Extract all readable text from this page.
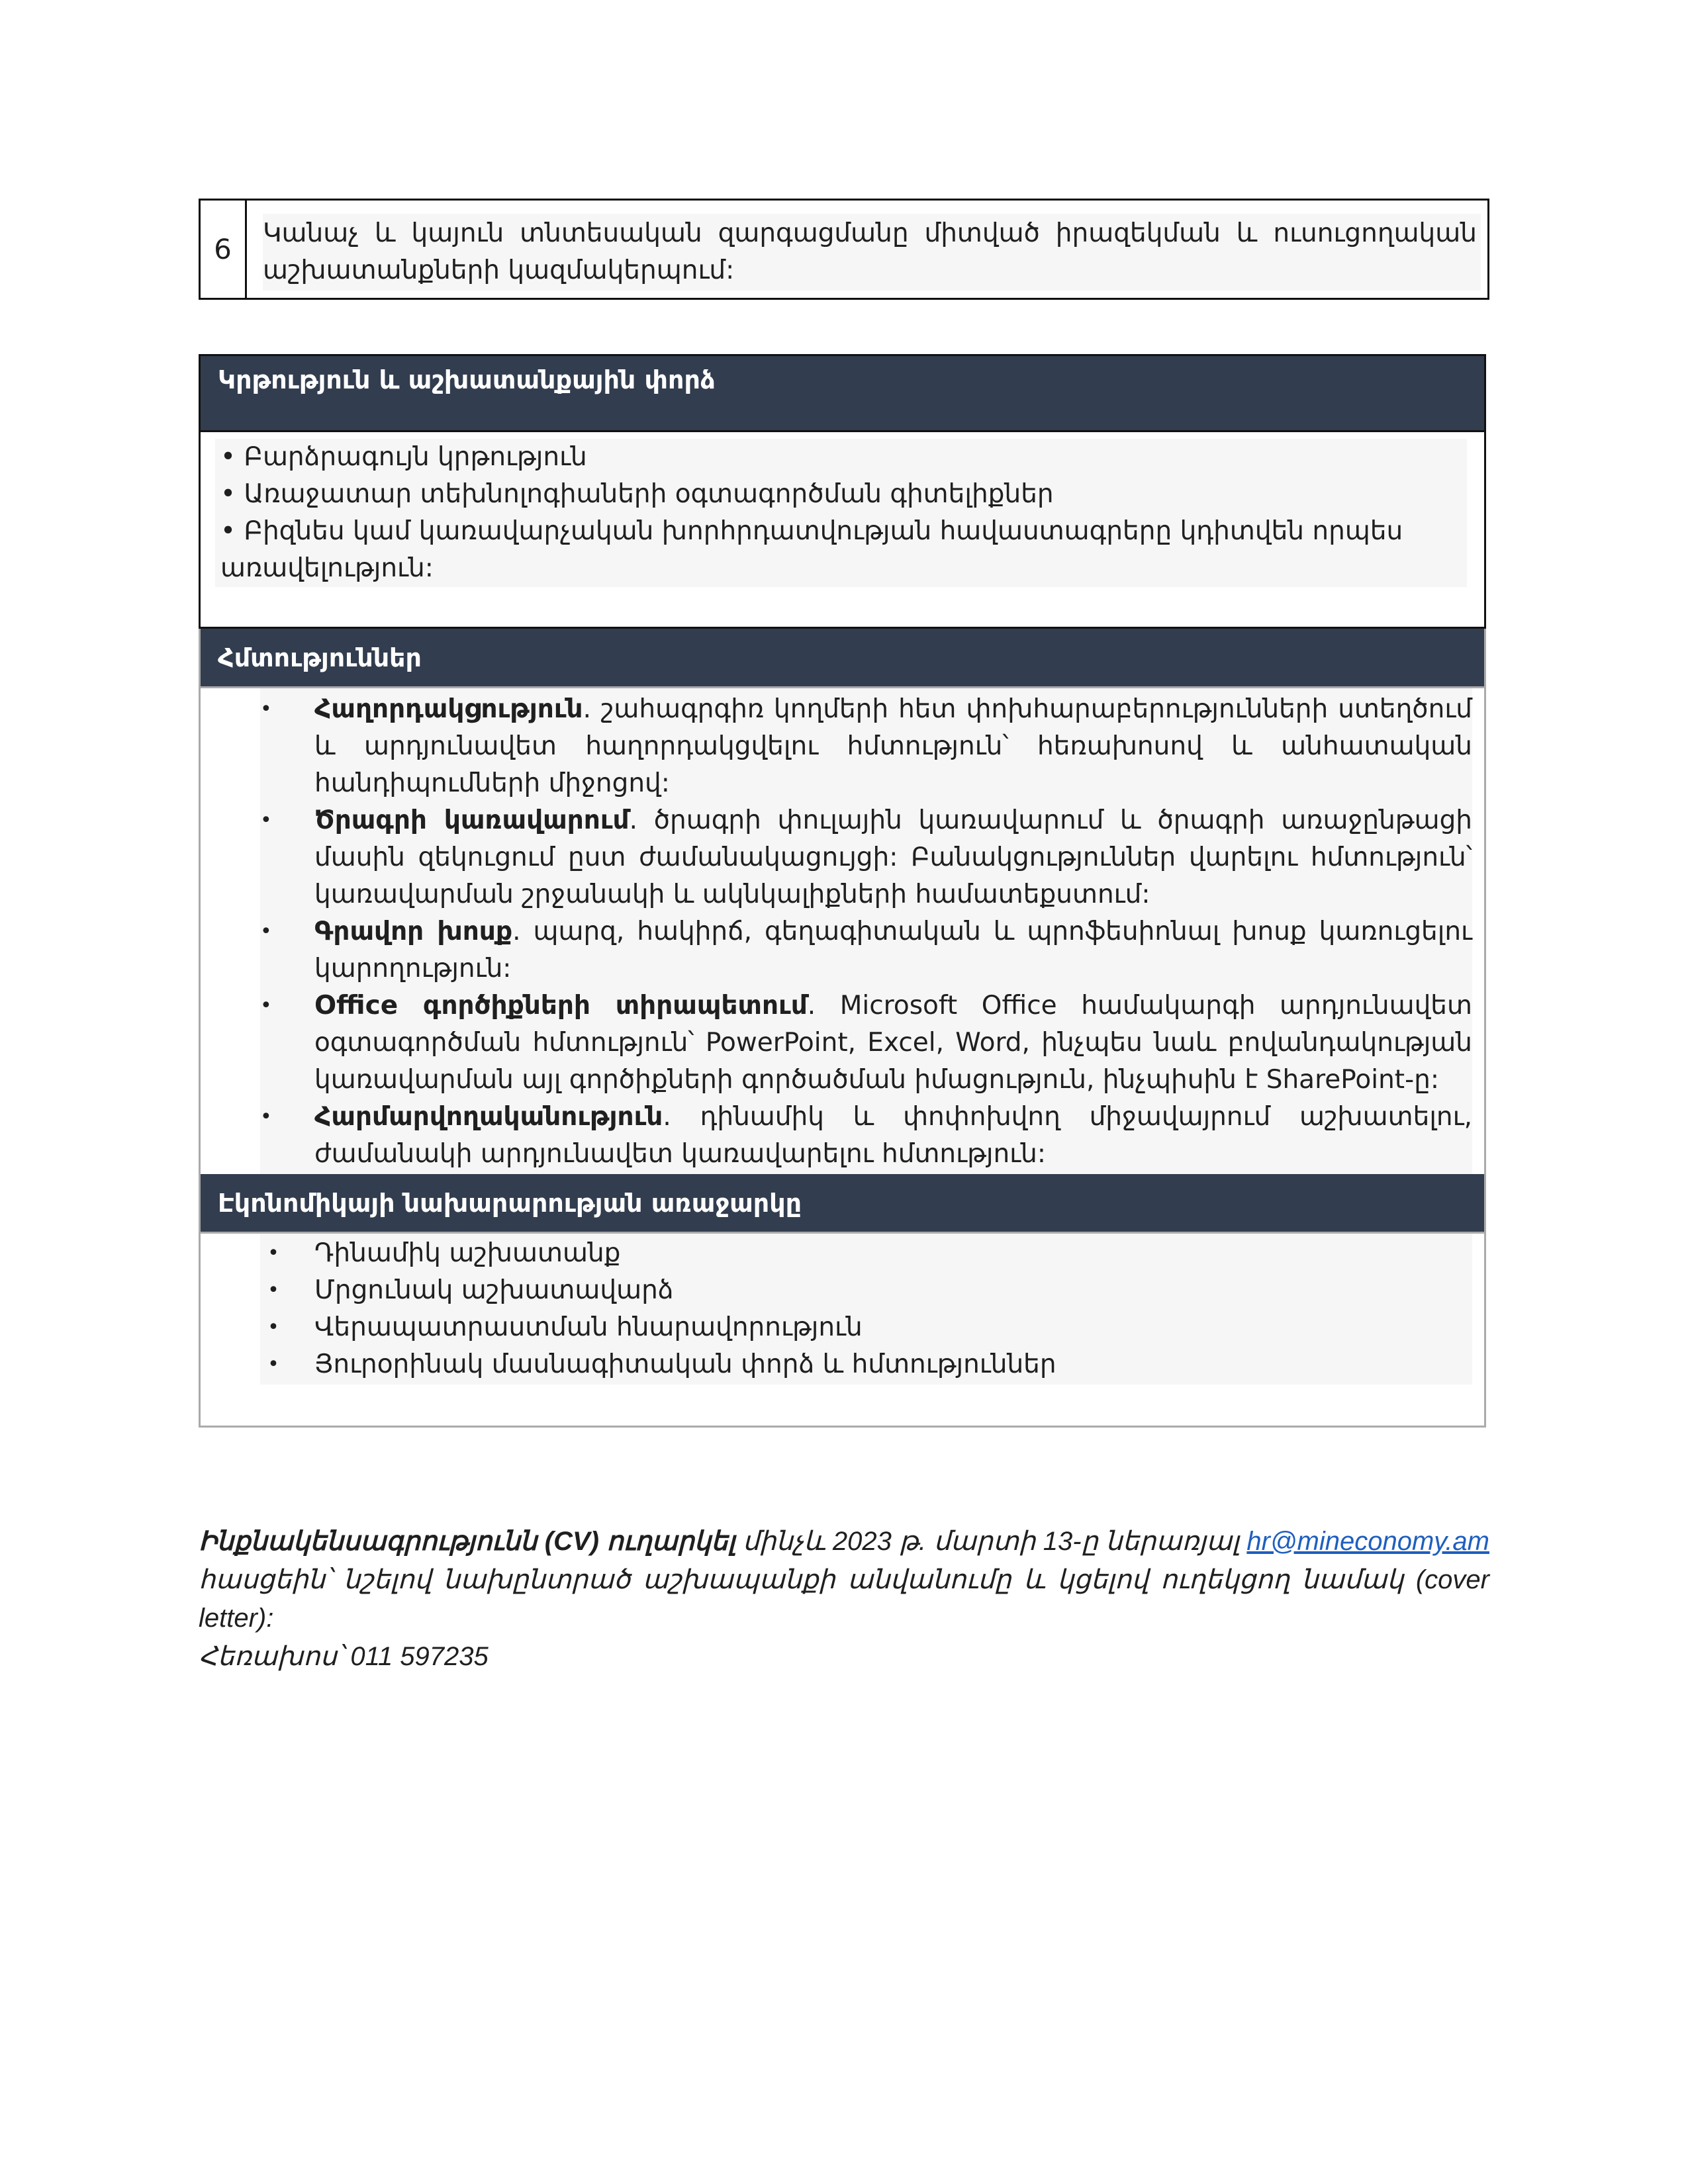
6	Կանաչ և կայուն տնտեսական զարգացմանը միտված իրազեկման և ուսուցողական աշխատանքների կազմակերպում:
Կրթություն և աշխատանքային փորձ
• Բարձրագույն կրթություն
• Առաջատար տեխնոլոգիաների օգտագործման գիտելիքներ
• Բիզնես կամ կառավարչական խորհրդատվության հավաստագրերը կդիտվեն որպես առավելություն:
Հմտություններ
•	Հաղորդակցություն. շահագրգիռ կողմերի հետ փոխհարաբերությունների ստեղծում և արդյունավետ հաղորդակցվելու հմտություն՝ հեռախոսով և անհատական հանդիպումների միջոցով:
•	Ծրագրի կառավարում. ծրագրի փուլային կառավարում և ծրագրի առաջընթացի մասին զեկուցում ըստ ժամանակացույցի: Բանակցություններ վարելու հմտություն՝ կառավարման շրջանակի և ակնկալիքների համատեքստում:
•	Գրավոր խոսք. պարզ, հակիրճ, գեղագիտական և պրոֆեսիոնալ խոսք կառուցելու կարողություն:
•	Office գործիքների տիրապետում. Microsoft Office համակարգի արդյունավետ օգտագործման հմտություն՝ PowerPoint, Excel, Word, ինչպես նաև բովանդակության կառավարման այլ գործիքների գործածման իմացություն, ինչպիսին է SharePoint-ը:
•	Հարմարվողականություն. դինամիկ և փոփոխվող միջավայրում աշխատելու, ժամանակի արդյունավետ կառավարելու հմտություն:
Էկոնոմիկայի նախարարության առաջարկը
• Դինամիկ աշխատանք
• Մրցունակ աշխատավարձ
• Վերապատրաստման հնարավորություն
• Յուրօրինակ մասնագիտական փորձ և հմտություններ
Ինքնակենսագրությունն (CV) ուղարկել մինչև 2023 թ. մարտի 13-ը ներառյալ hr@mineconomy.am հասցեին՝ նշելով նախընտրած աշխապանքի անվանումը և կցելով ուղեկցող նամակ (cover letter):
Հեռախոս՝ 011 597235
